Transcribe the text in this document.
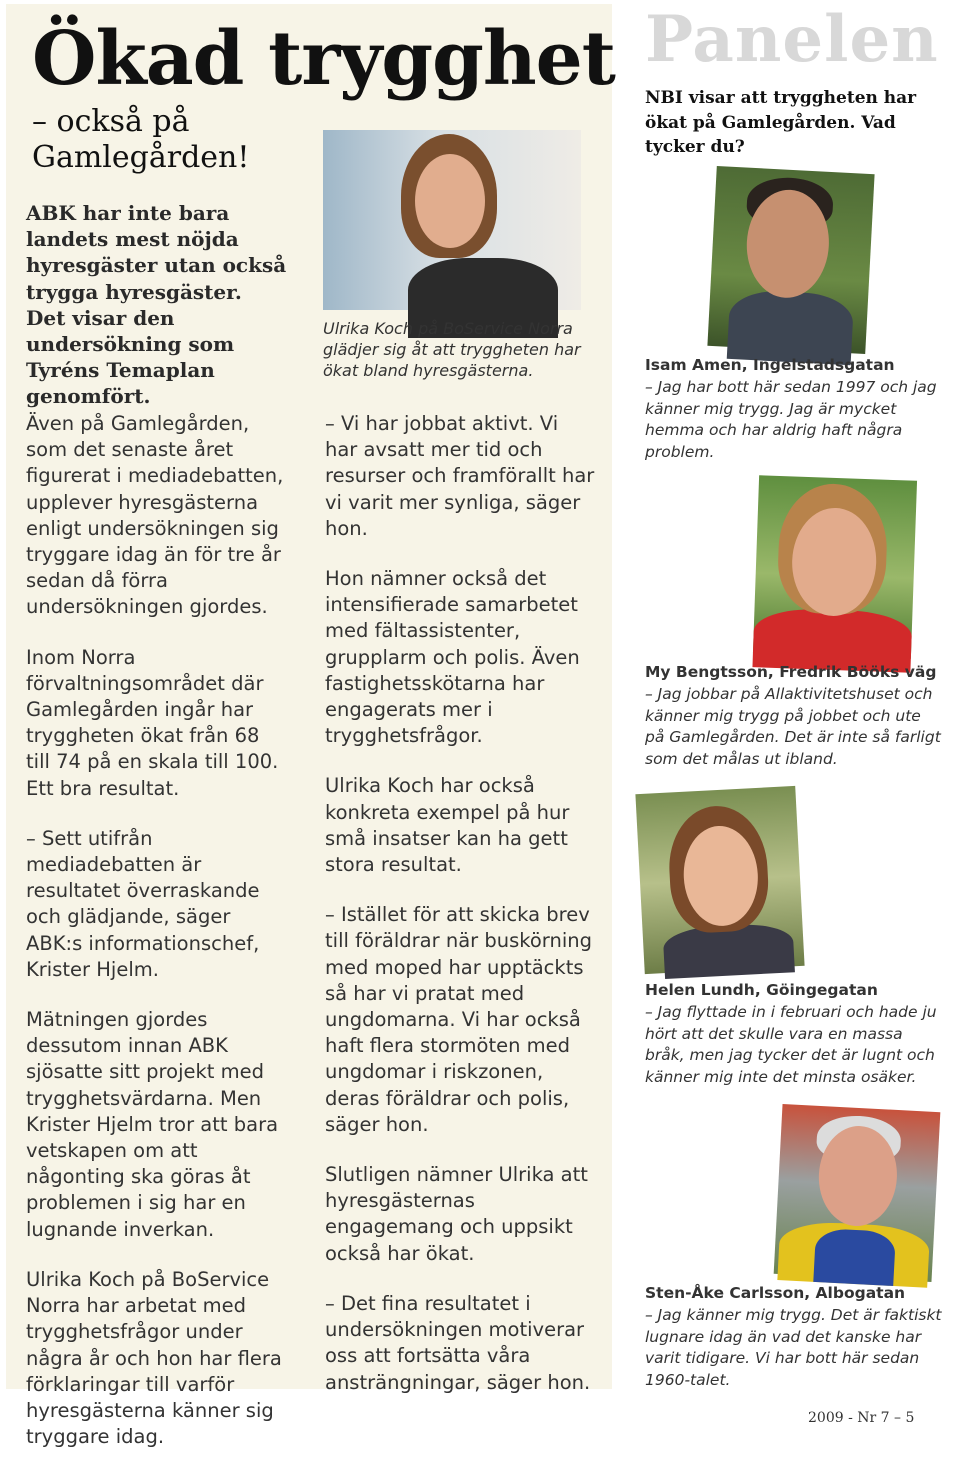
Ökad trygghet
– också på Gamlegården!
ABK har inte bara landets mest nöjda hyresgäster utan också trygga hyresgäster. Det visar den undersökning som Tyréns Temaplan genomfört.

Även på Gamlegården, som det senaste året figurerat i mediadebatten, upplever hyresgästerna enligt undersökningen sig tryggare idag än för tre år sedan då förra undersökningen gjordes.

Inom Norra förvaltningsområdet där Gamlegården ingår har tryggheten ökat från 68 till 74 på en skala till 100. Ett bra resultat.

– Sett utifrån mediadebatten är resultatet överraskande och glädjande, säger ABK:s informationschef, Krister Hjelm.

Mätningen gjordes dessutom innan ABK sjösatte sitt projekt med trygghetsvärdarna. Men Krister Hjelm tror att bara vetskapen om att någonting ska göras åt problemen i sig har en lugnande inverkan.

Ulrika Koch på BoService Norra har arbetat med trygghetsfrågor under några år och hon har flera förklaringar till varför hyresgästerna känner sig tryggare idag.

Ulrika Koch på BoService Norra glädjer sig åt att tryggheten har ökat bland hyresgästerna.

– Vi har jobbat aktivt. Vi har avsatt mer tid och resurser och framförallt har vi varit mer synliga, säger hon.

Hon nämner också det intensifierade samarbetet med fältassistenter, grupplarm och polis. Även fastighetsskötarna har engagerats mer i trygghetsfrågor.

Ulrika Koch har också konkreta exempel på hur små insatser kan ha gett stora resultat.

– Istället för att skicka brev till föräldrar när buskörning med moped har upptäckts så har vi pratat med ungdomarna. Vi har också haft flera stormöten med ungdomar i riskzonen, deras föräldrar och polis, säger hon.

Slutligen nämner Ulrika att hyresgästernas engagemang och uppsikt också har ökat.

– Det fina resultatet i undersökningen motiverar oss att fortsätta våra ansträngningar, säger hon.

Panelen
NBI visar att tryggheten har ökat på Gamlegården. Vad tycker du?
Isam Amen, Ingelstadsgatan
– Jag har bott här sedan 1997 och jag känner mig trygg. Jag är mycket hemma och har aldrig haft några problem.
My Bengtsson, Fredrik Bööks väg
– Jag jobbar på Allaktivitetshuset och känner mig trygg på jobbet och ute på Gamlegården. Det är inte så farligt som det målas ut ibland.
Helen Lundh, Göingegatan
– Jag flyttade in i februari och hade ju hört att det skulle vara en massa bråk, men jag tycker det är lugnt och känner mig inte det minsta osäker.
Sten-Åke Carlsson, Albogatan
– Jag känner mig trygg. Det är faktiskt lugnare idag än vad det kanske har varit tidigare. Vi har bott här sedan 1960-talet.
2009 - Nr 7 – 5
